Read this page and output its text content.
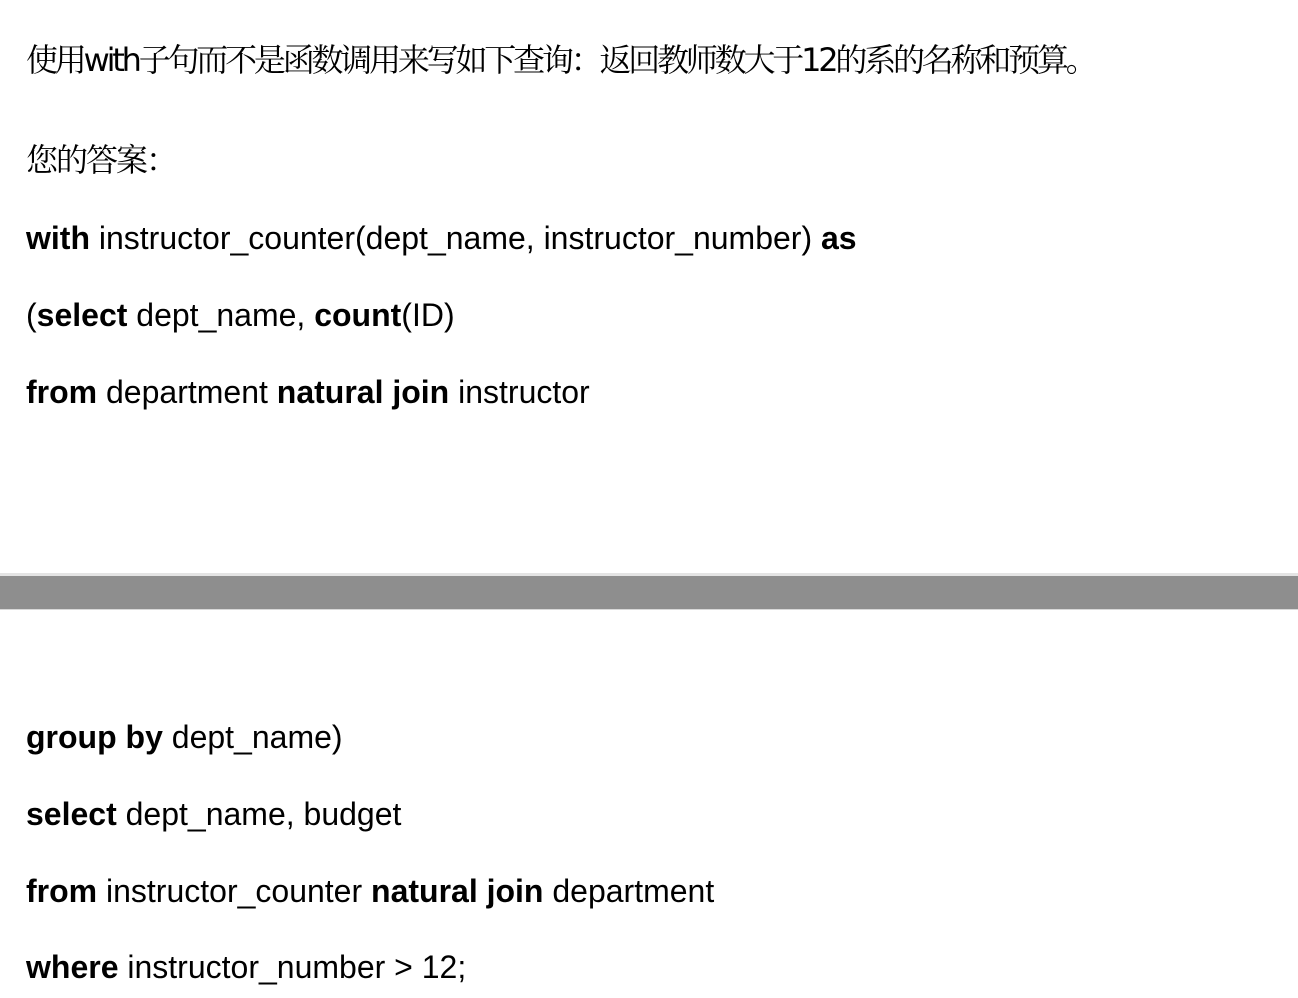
使用with子句而不是函数调用来写如下查询：返回教师数大于12的系的名称和预算。
您的答案：
with instructor_counter(dept_name, instructor_number) as
(select dept_name, count(ID)
from department natural join instructor
group by dept_name)
select dept_name, budget
from instructor_counter natural join department
where instructor_number > 12;
